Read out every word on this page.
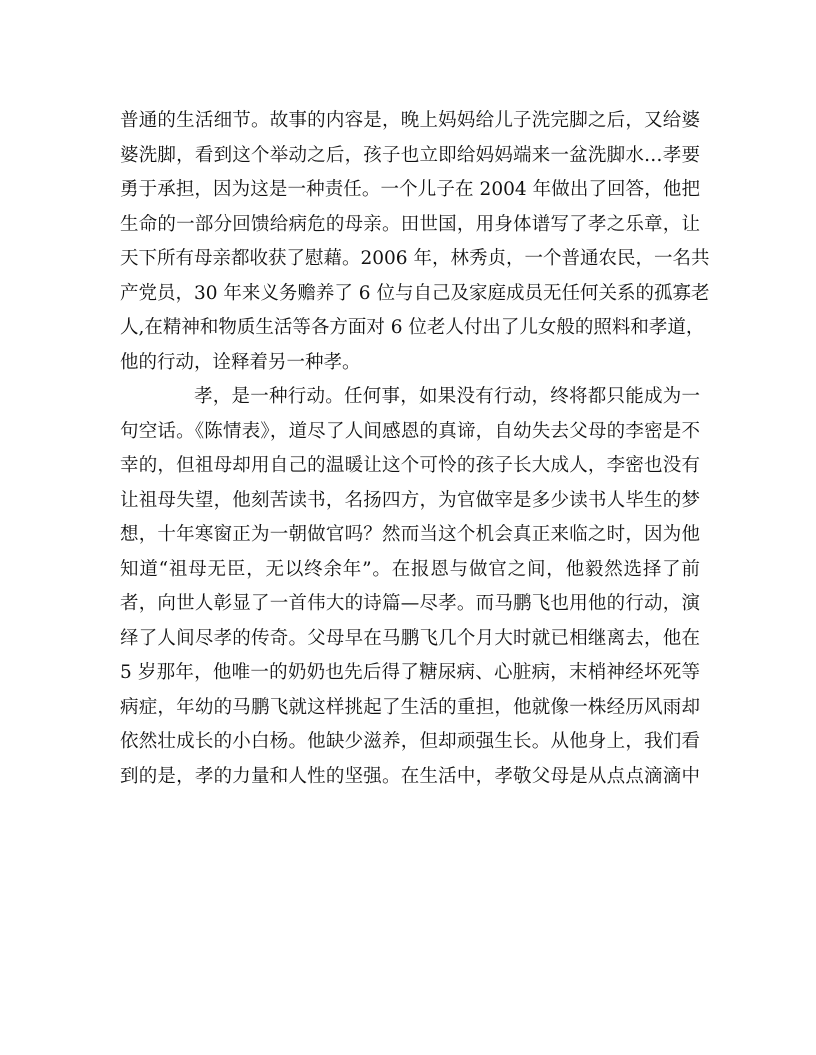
普通的生活细节。故事的内容是，晚上妈妈给儿子洗完脚之后，又给婆
婆洗脚，看到这个举动之后，孩子也立即给妈妈端来一盆洗脚水…孝要
勇于承担，因为这是一种责任。一个儿子在 2004 年做出了回答，他把
生命的一部分回馈给病危的母亲。田世国，用身体谱写了孝之乐章，让
天下所有母亲都收获了慰藉。2006 年，林秀贞，一个普通农民，一名共
产党员，30 年来义务赡养了 6 位与自己及家庭成员无任何关系的孤寡老
人,在精神和物质生活等各方面对 6 位老人付出了儿女般的照料和孝道，
他的行动，诠释着另一种孝。
孝，是一种行动。任何事，如果没有行动，终将都只能成为一
句空话。《陈情表》，道尽了人间感恩的真谛，自幼失去父母的李密是不
幸的，但祖母却用自己的温暖让这个可怜的孩子长大成人，李密也没有
让祖母失望，他刻苦读书，名扬四方，为官做宰是多少读书人毕生的梦
想，十年寒窗正为一朝做官吗？然而当这个机会真正来临之时，因为他
知道“祖母无臣，无以终余年”。在报恩与做官之间，他毅然选择了前
者，向世人彰显了一首伟大的诗篇—尽孝。而马鹏飞也用他的行动，演
绎了人间尽孝的传奇。父母早在马鹏飞几个月大时就已相继离去，他在
5 岁那年，他唯一的奶奶也先后得了糖尿病、心脏病，末梢神经坏死等
病症，年幼的马鹏飞就这样挑起了生活的重担，他就像一株经历风雨却
依然壮成长的小白杨。他缺少滋养，但却顽强生长。从他身上，我们看
到的是，孝的力量和人性的坚强。在生活中，孝敬父母是从点点滴滴中
